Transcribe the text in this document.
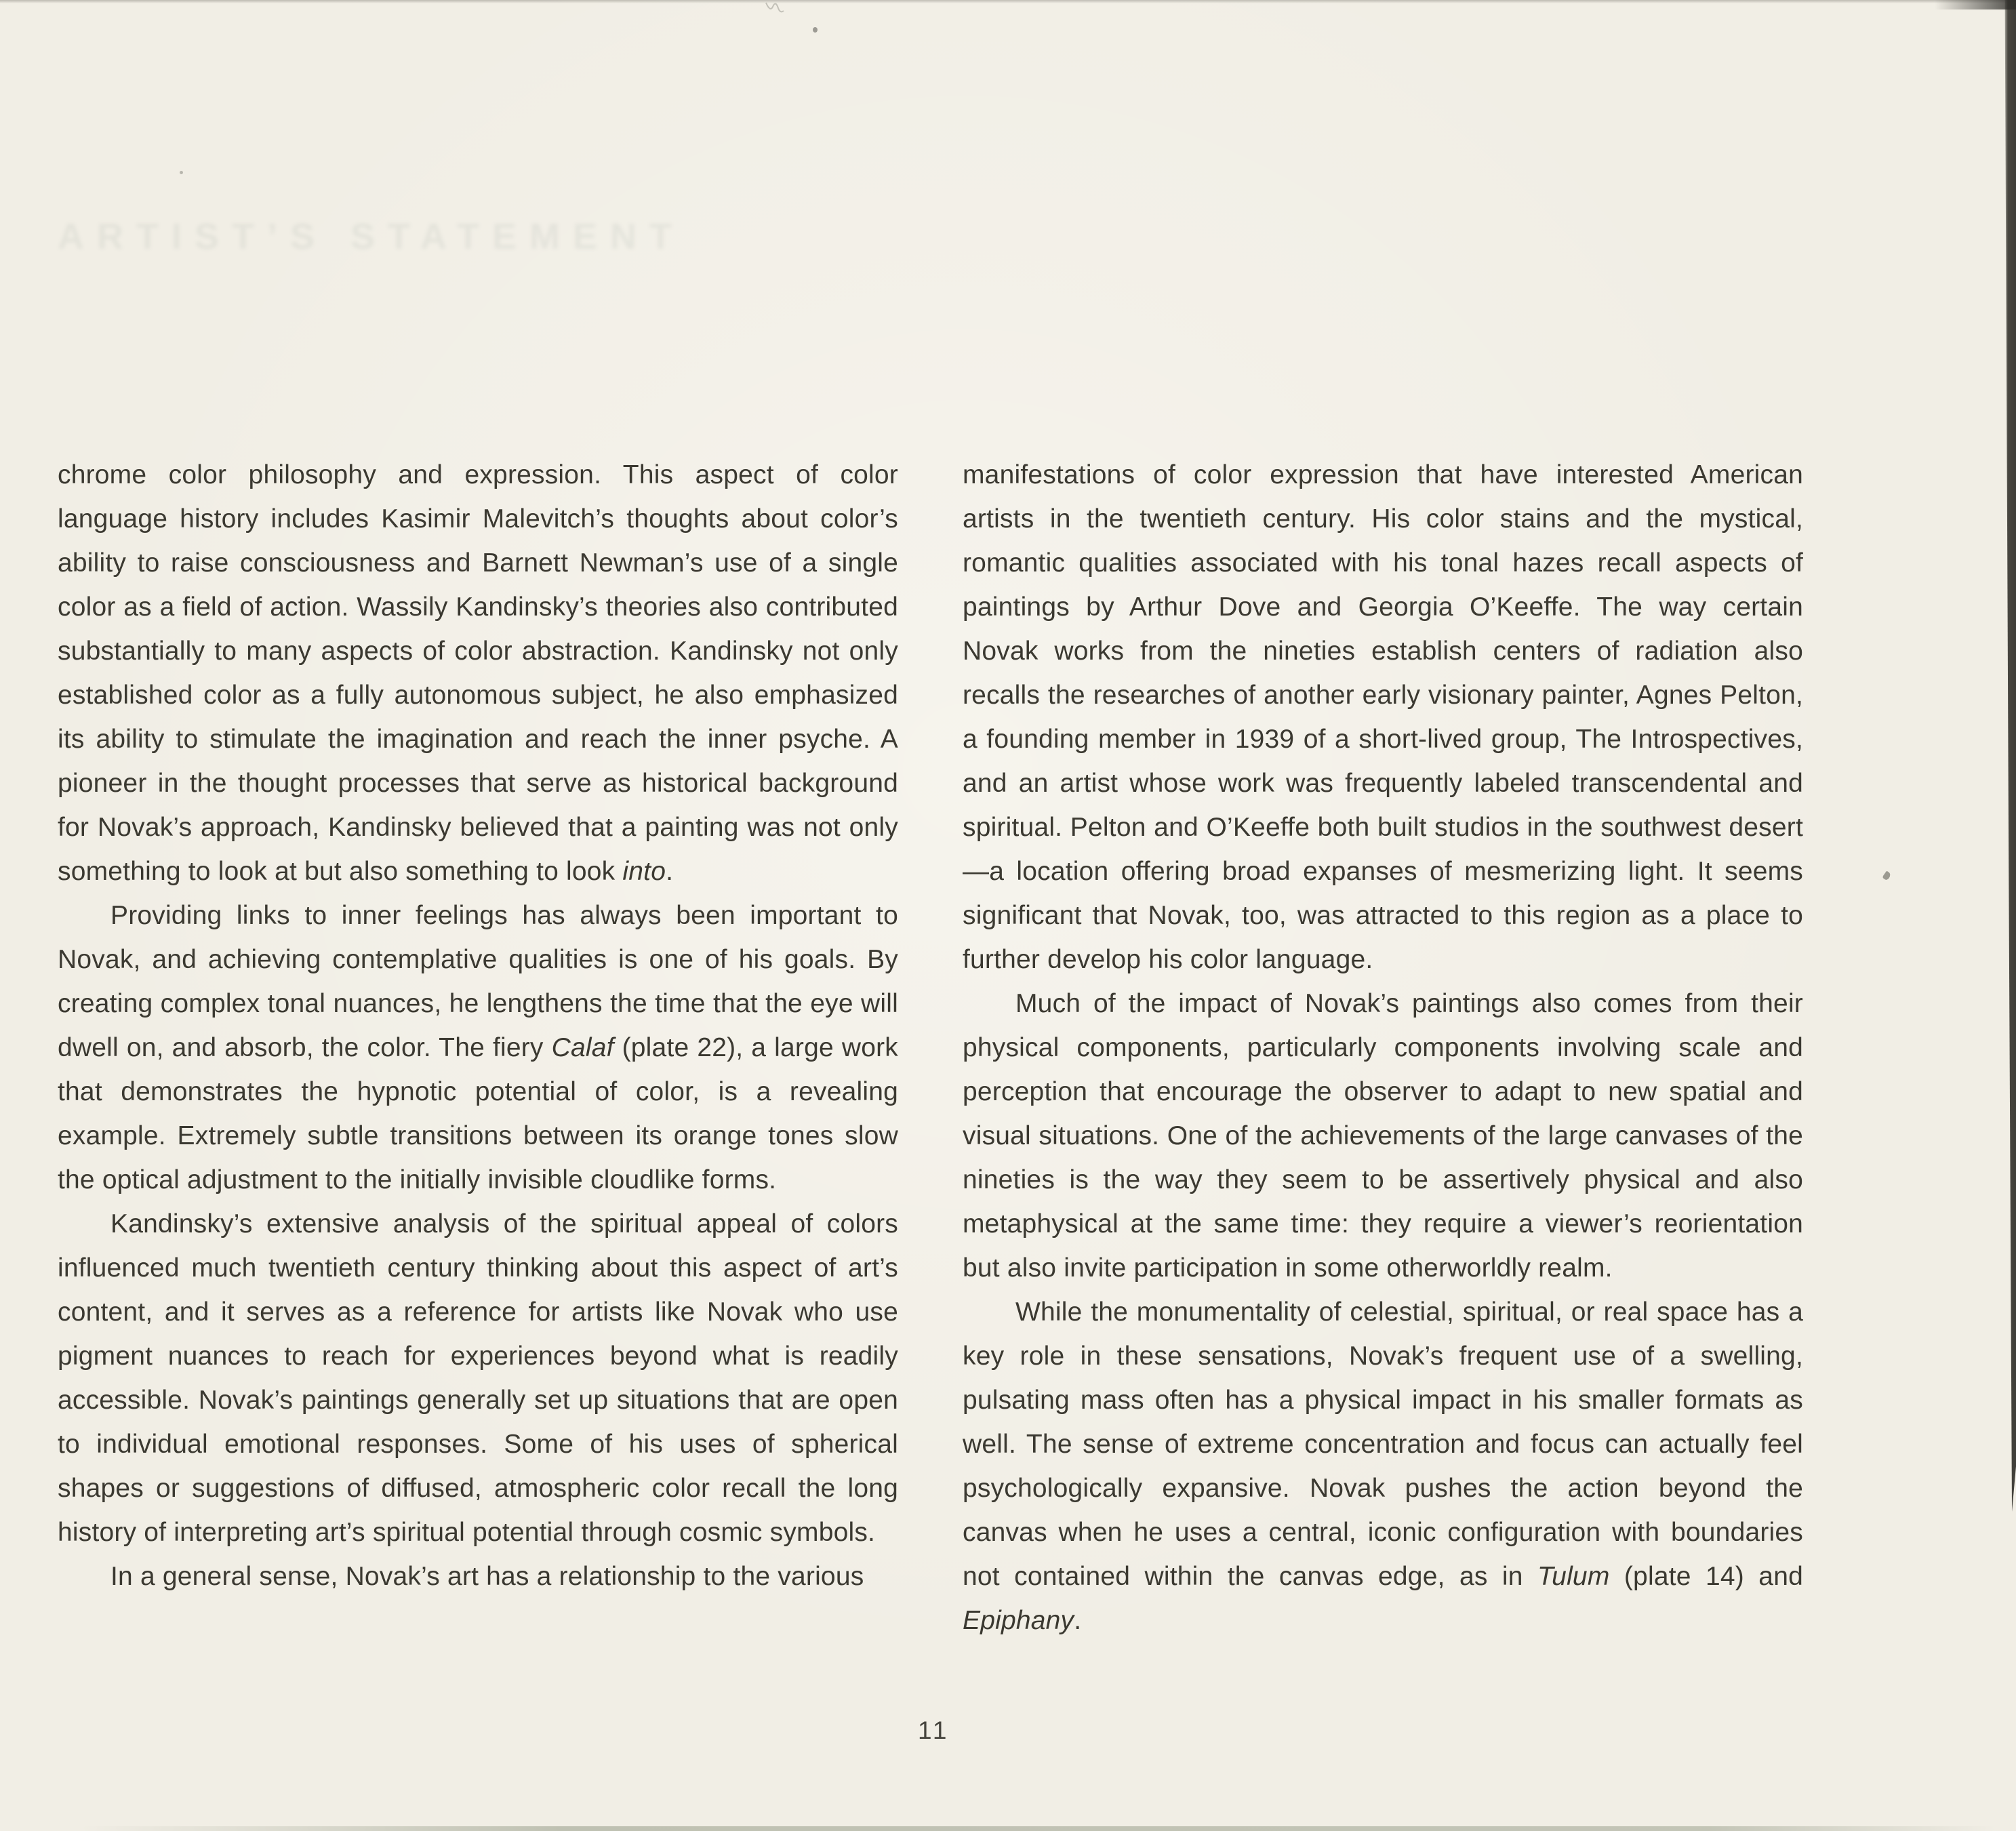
ARTIST’S STATEMENT

chrome color philosophy and expression. This aspect of color language history includes Kasimir Malevitch’s thoughts about color’s ability to raise consciousness and Barnett Newman’s use of a single color as a field of action. Wassily Kandinsky’s theories also contributed substantially to many aspects of color abstraction. Kandinsky not only established color as a fully autonomous subject, he also emphasized its ability to stimulate the imagination and reach the inner psyche. A pioneer in the thought processes that serve as historical background for Novak’s approach, Kandinsky believed that a painting was not only something to look at but also something to look into.

Providing links to inner feelings has always been important to Novak, and achieving contemplative qualities is one of his goals. By creating complex tonal nuances, he lengthens the time that the eye will dwell on, and absorb, the color. The fiery Calaf (plate 22), a large work that demonstrates the hypnotic potential of color, is a revealing example. Extremely subtle transitions between its orange tones slow the optical adjustment to the initially invisible cloudlike forms.

Kandinsky’s extensive analysis of the spiritual appeal of colors influenced much twentieth century thinking about this aspect of art’s content, and it serves as a reference for artists like Novak who use pigment nuances to reach for experiences beyond what is readily accessible. Novak’s paintings generally set up situations that are open to individual emotional responses. Some of his uses of spherical shapes or suggestions of diffused, atmospheric color recall the long history of interpreting art’s spiritual potential through cosmic symbols.

In a general sense, Novak’s art has a relationship to the various

manifestations of color expression that have interested American artists in the twentieth century. His color stains and the mystical, romantic qualities associated with his tonal hazes recall aspects of paintings by Arthur Dove and Georgia O’Keeffe. The way certain Novak works from the nineties establish centers of radiation also recalls the researches of another early visionary painter, Agnes Pelton, a founding member in 1939 of a short-lived group, The Introspectives, and an artist whose work was frequently labeled transcendental and spiritual. Pelton and O’Keeffe both built studios in the southwest desert—a location offering broad expanses of mesmerizing light. It seems significant that Novak, too, was attracted to this region as a place to further develop his color language.

Much of the impact of Novak’s paintings also comes from their physical components, particularly components involving scale and perception that encourage the observer to adapt to new spatial and visual situations. One of the achievements of the large canvases of the nineties is the way they seem to be assertively physical and also metaphysical at the same time: they require a viewer’s reorientation but also invite participation in some otherworldly realm.

While the monumentality of celestial, spiritual, or real space has a key role in these sensations, Novak’s frequent use of a swelling, pulsating mass often has a physical impact in his smaller formats as well. The sense of extreme concentration and focus can actually feel psychologically expansive. Novak pushes the action beyond the canvas when he uses a central, iconic configuration with boundaries not contained within the canvas edge, as in Tulum (plate 14) and Epiphany.

11
